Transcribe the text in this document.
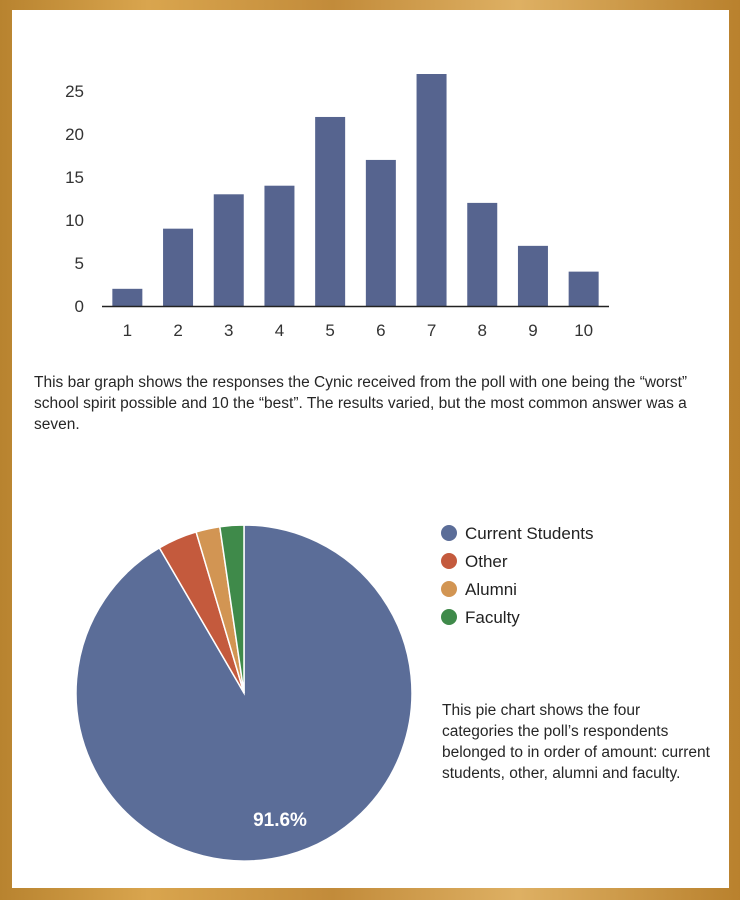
0
5
10
15
20
25
1 2 3 4 5 6 7 8 9 10
91.6%
Current Students
Other
Alumni
Faculty
This bar graph shows the responses the Cynic received from the poll with one being the “worst” school spirit possible and 10 the “best”. The results varied, but the most common answer was a seven.
This pie chart shows the four categories the poll’s respondents belonged to in order of amount: current students, other, alumni and faculty.
